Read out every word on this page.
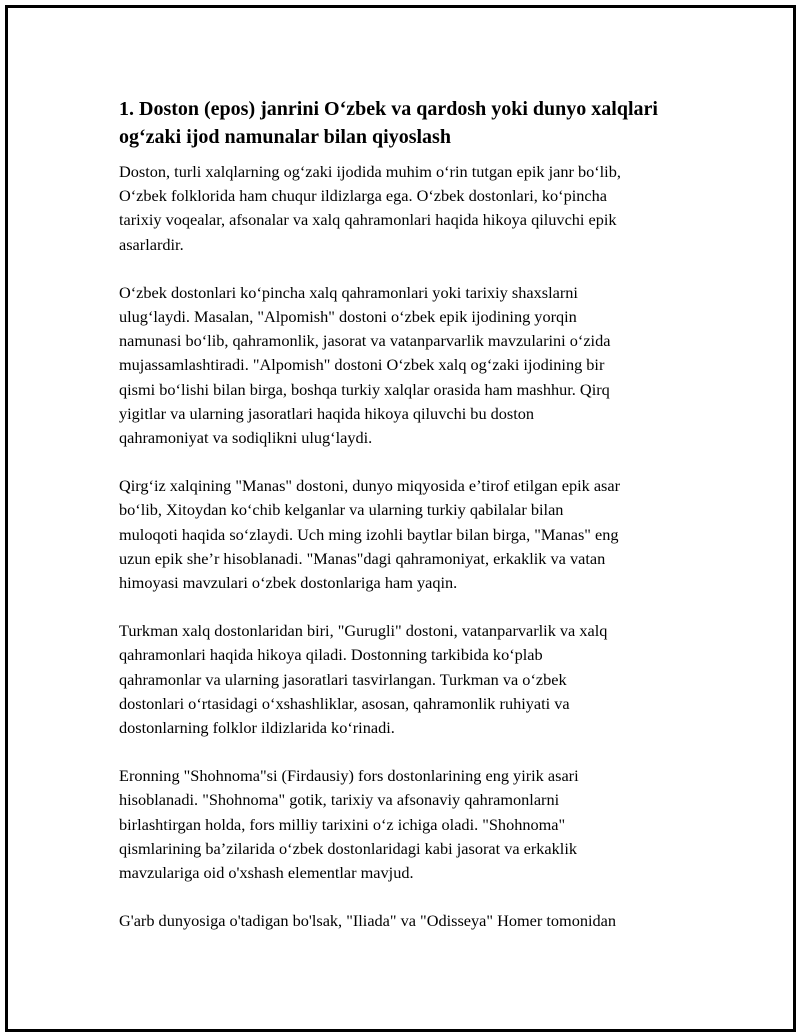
1. Doston (epos) janrini O‘zbek va qardosh yoki dunyo xalqlari
og‘zaki ijod namunalar bilan qiyoslash

Doston, turli xalqlarning og‘zaki ijodida muhim o‘rin tutgan epik janr bo‘lib,
O‘zbek folklorida ham chuqur ildizlarga ega. O‘zbek dostonlari, ko‘pincha
tarixiy voqealar, afsonalar va xalq qahramonlari haqida hikoya qiluvchi epik
asarlardir.

O‘zbek dostonlari ko‘pincha xalq qahramonlari yoki tarixiy shaxslarni
ulug‘laydi. Masalan, "Alpomish" dostoni o‘zbek epik ijodining yorqin
namunasi bo‘lib, qahramonlik, jasorat va vatanparvarlik mavzularini o‘zida
mujassamlashtiradi. "Alpomish" dostoni O‘zbek xalq og‘zaki ijodining bir
qismi bo‘lishi bilan birga, boshqa turkiy xalqlar orasida ham mashhur. Qirq
yigitlar va ularning jasoratlari haqida hikoya qiluvchi bu doston
qahramoniyat va sodiqlikni ulug‘laydi.

Qirg‘iz xalqining "Manas" dostoni, dunyo miqyosida e’tirof etilgan epik asar
bo‘lib, Xitoydan ko‘chib kelganlar va ularning turkiy qabilalar bilan
muloqoti haqida so‘zlaydi. Uch ming izohli baytlar bilan birga, "Manas" eng
uzun epik she’r hisoblanadi. "Manas"dagi qahramoniyat, erkaklik va vatan
himoyasi mavzulari o‘zbek dostonlariga ham yaqin.

Turkman xalq dostonlaridan biri, "Gurugli" dostoni, vatanparvarlik va xalq
qahramonlari haqida hikoya qiladi. Dostonning tarkibida ko‘plab
qahramonlar va ularning jasoratlari tasvirlangan. Turkman va o‘zbek
dostonlari o‘rtasidagi o‘xshashliklar, asosan, qahramonlik ruhiyati va
dostonlarning folklor ildizlarida ko‘rinadi.

Eronning "Shohnoma"si (Firdausiy) fors dostonlarining eng yirik asari
hisoblanadi. "Shohnoma" gotik, tarixiy va afsonaviy qahramonlarni
birlashtirgan holda, fors milliy tarixini o‘z ichiga oladi. "Shohnoma"
qismlarining ba’zilarida o‘zbek dostonlaridagi kabi jasorat va erkaklik
mavzulariga oid o'xshash elementlar mavjud.

G'arb dunyosiga o'tadigan bo'lsak, "Iliada" va "Odisseya" Homer tomonidan
